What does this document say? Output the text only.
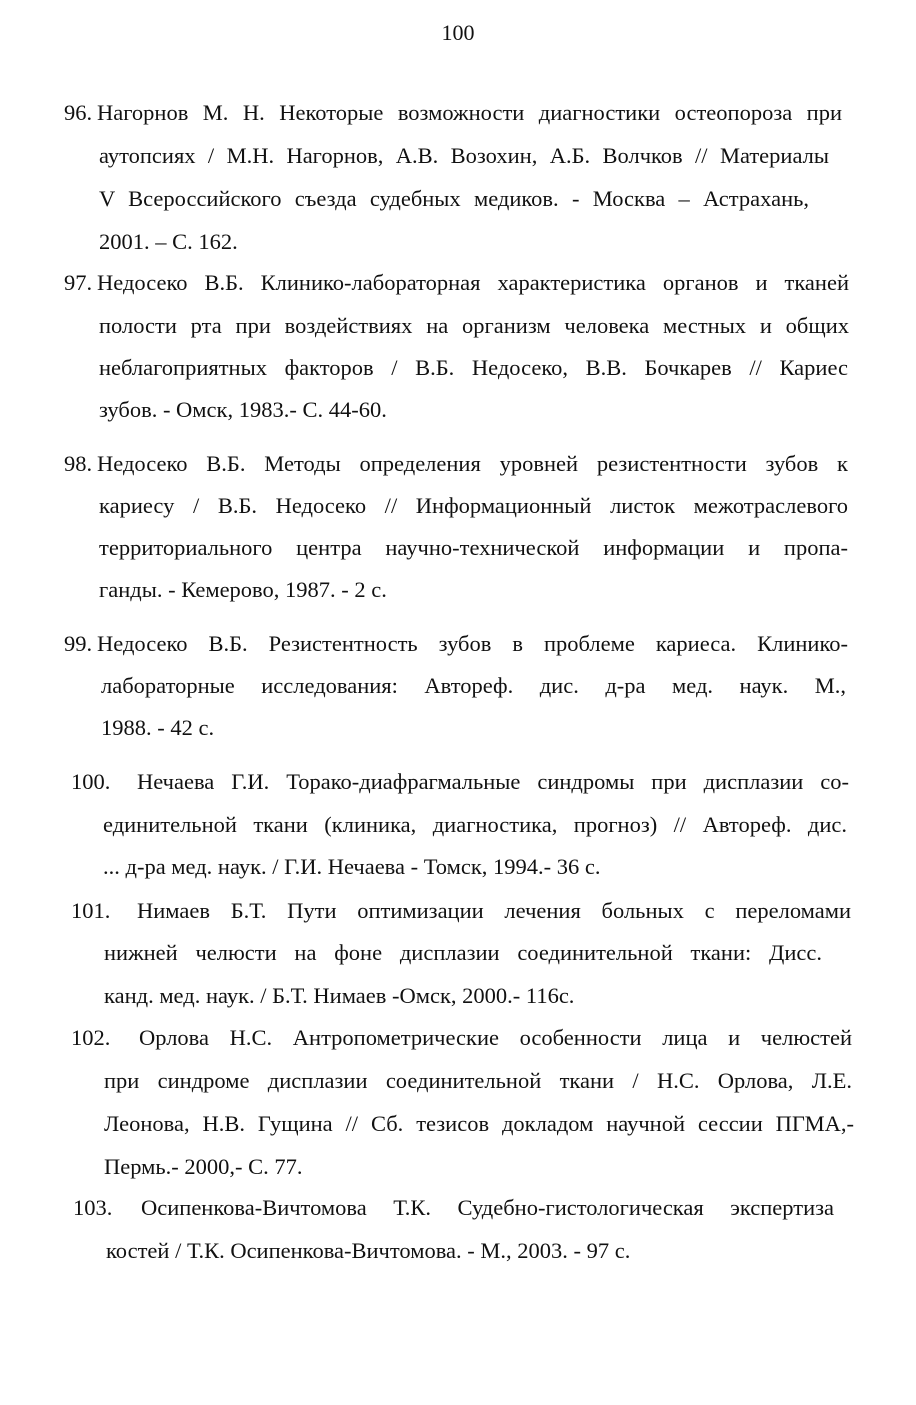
100
96. Нагорнов М. Н. Некоторые возможности диагностики остеопороза при
аутопсиях / М.Н. Нагорнов, А.В. Возохин, А.Б. Волчков // Материалы
V Всероссийского съезда судебных медиков. - Москва – Астрахань,
2001. – С. 162.
97. Недосеко В.Б. Клинико-лабораторная характеристика органов и тканей
полости рта при воздействиях на организм человека местных и общих
неблагоприятных факторов / В.Б. Недосеко, В.В. Бочкарев // Кариес
зубов. - Омск, 1983.- С. 44-60.
98. Недосеко В.Б. Методы определения уровней резистентности зубов к
кариесу / В.Б. Недосеко // Информационный листок межотраслевого
территориального центра научно-технической информации и пропа-
ганды. - Кемерово, 1987. - 2 с.
99. Недосеко В.Б. Резистентность зубов в проблеме кариеса. Клинико-
лабораторные исследования: Автореф. дис. д-ра мед. наук. М.,
1988. - 42 с.
100. Нечаева Г.И. Торако-диафрагмальные синдромы при дисплазии со-
единительной ткани (клиника, диагностика, прогноз) // Автореф. дис.
... д-ра мед. наук. / Г.И. Нечаева - Томск, 1994.- 36 с.
101. Нимаев Б.Т. Пути оптимизации лечения больных с переломами
нижней челюсти на фоне дисплазии соединительной ткани: Дисс.
канд. мед. наук. / Б.Т. Нимаев -Омск, 2000.- 116с.
102. Орлова Н.С. Антропометрические особенности лица и челюстей
при синдроме дисплазии соединительной ткани / Н.С. Орлова, Л.Е.
Леонова, Н.В. Гущина // Сб. тезисов докладом научной сессии ПГМА,-
Пермь.- 2000,- С. 77.
103. Осипенкова-Вичтомова Т.К. Судебно-гистологическая экспертиза
костей / Т.К. Осипенкова-Вичтомова. - М., 2003. - 97 с.
